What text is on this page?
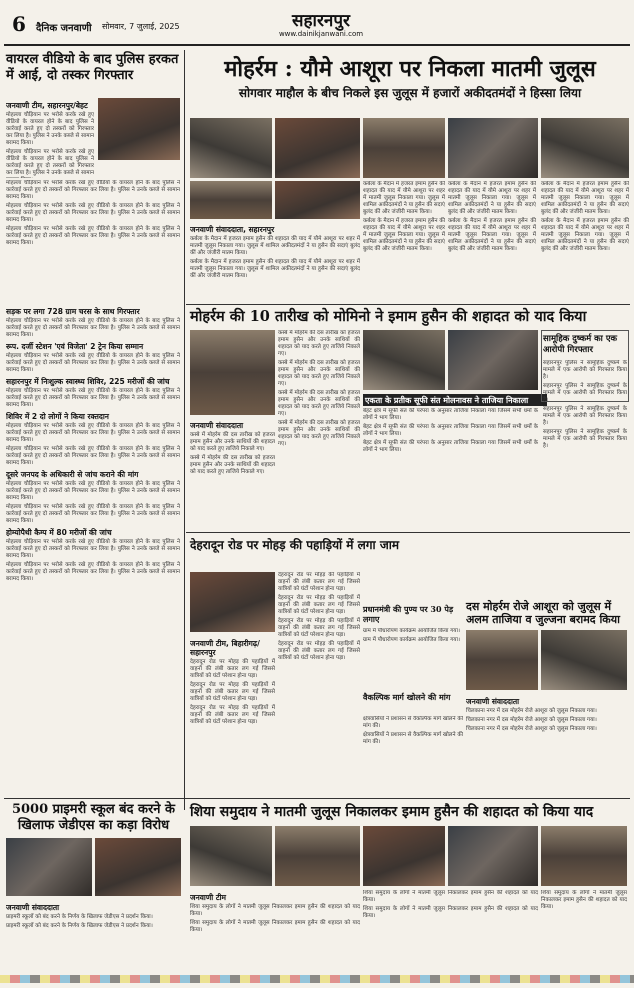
6 दैनिक जनवाणी सोमवार, 7 जुलाई, 2025	सहारनपुर
www.dainikjanwani.com
वायरल वीडियो के बाद पुलिस हरकत में आई, दो तस्कर गिरफ्तार
जनवाणी टीम, सहारनपुर/बेहट

मोहल्ला चौड़ियान पर भरोसे करके रखे हुए वीडियो के वायरल होने के बाद पुलिस ने कार्रवाई करते हुए दो तस्करों को गिरफ्तार कर लिया है। पुलिस ने उनके कब्जे से सामान बरामद किया।

मोहल्ला चौड़ियान पर भरोसे करके रखे हुए वीडियो के वायरल होने के बाद पुलिस ने कार्रवाई करते हुए दो तस्करों को गिरफ्तार कर लिया है। पुलिस ने उनके कब्जे से सामान

मोहल्ला चौड़ियान पर भरोसे करके रखे हुए वीडियो के वायरल होने के बाद पुलिस ने कार्रवाई करते हुए दो तस्करों को गिरफ्तार कर लिया है। पुलिस ने उनके कब्जे से सामान बरामद किया।

मोहल्ला चौड़ियान पर भरोसे करके रखे हुए वीडियो के वायरल होने के बाद पुलिस ने कार्रवाई करते हुए दो तस्करों को गिरफ्तार कर लिया है। पुलिस ने उनके कब्जे से सामान बरामद किया।

मोहल्ला चौड़ियान पर भरोसे करके रखे हुए वीडियो के वायरल होने के बाद पुलिस ने कार्रवाई करते हुए दो तस्करों को गिरफ्तार कर लिया है। पुलिस ने उनके कब्जे से सामान बरामद किया।

मोहर्रम : यौमे आशूरा पर निकला मातमी जुलूस
सोगवार माहौल के बीच निकले इस जुलूस में हजारों अकीदतमंदों ने हिस्सा लिया
जनवाणी संवाददाता, सहारनपुर

कर्बला के मैदान में हजरत इमाम हुसैन की शहादत की याद में यौमे आशूरा पर शहर में मातमी जुलूस निकाला गया। जुलूस में शामिल अकीदतमंदों ने या हुसैन की सदाएं बुलंद कीं और जंजीरी मातम किया।

कर्बला के मैदान में हजरत इमाम हुसैन की शहादत की याद में यौमे आशूरा पर शहर में मातमी जुलूस निकाला गया। जुलूस में शामिल अकीदतमंदों ने या हुसैन की सदाएं बुलंद कीं और जंजीरी मातम किया।

कर्बला के मैदान में हजरत इमाम हुसैन की शहादत की याद में यौमे आशूरा पर शहर में मातमी जुलूस निकाला गया। जुलूस में शामिल अकीदतमंदों ने या हुसैन की सदाएं बुलंद कीं और जंजीरी मातम किया।

कर्बला के मैदान में हजरत इमाम हुसैन की शहादत की याद में यौमे आशूरा पर शहर में मातमी जुलूस निकाला गया। जुलूस में शामिल अकीदतमंदों ने या हुसैन की सदाएं बुलंद कीं और जंजीरी मातम किया।

कर्बला के मैदान में हजरत इमाम हुसैन की शहादत की याद में यौमे आशूरा पर शहर में मातमी जुलूस निकाला गया। जुलूस में शामिल अकीदतमंदों ने या हुसैन की सदाएं बुलंद कीं और जंजीरी मातम किया।

कर्बला के मैदान में हजरत इमाम हुसैन की शहादत की याद में यौमे आशूरा पर शहर में मातमी जुलूस निकाला गया। जुलूस में शामिल अकीदतमंदों ने या हुसैन की सदाएं बुलंद कीं और जंजीरी मातम किया।

कर्बला के मैदान में हजरत इमाम हुसैन की शहादत की याद में यौमे आशूरा पर शहर में मातमी जुलूस निकाला गया। जुलूस में शामिल अकीदतमंदों ने या हुसैन की सदाएं बुलंद कीं और जंजीरी मातम किया।

कर्बला के मैदान में हजरत इमाम हुसैन की शहादत की याद में यौमे आशूरा पर शहर में मातमी जुलूस निकाला गया। जुलूस में शामिल अकीदतमंदों ने या हुसैन की सदाएं बुलंद कीं और जंजीरी मातम किया।

सड़क पर लगा 728 ग्राम चरस के साथ गिरफ्तार

मोहल्ला चौड़ियान पर भरोसे करके रखे हुए वीडियो के वायरल होने के बाद पुलिस ने कार्रवाई करते हुए दो तस्करों को गिरफ्तार कर लिया है। पुलिस ने उनके कब्जे से सामान बरामद किया।

रूप. दर्जी स्टेशन 'एवं विजेता' 2 ट्रेन किया सम्मान

मोहल्ला चौड़ियान पर भरोसे करके रखे हुए वीडियो के वायरल होने के बाद पुलिस ने कार्रवाई करते हुए दो तस्करों को गिरफ्तार कर लिया है। पुलिस ने उनके कब्जे से सामान बरामद किया।

सहारनपुर में निःशुल्क स्वास्थ्य शिविर, 225 मरीजों की जांच

मोहल्ला चौड़ियान पर भरोसे करके रखे हुए वीडियो के वायरल होने के बाद पुलिस ने कार्रवाई करते हुए दो तस्करों को गिरफ्तार कर लिया है। पुलिस ने उनके कब्जे से सामान बरामद किया।

शिविर में 2 दो लोगों ने किया रक्तदान

मोहल्ला चौड़ियान पर भरोसे करके रखे हुए वीडियो के वायरल होने के बाद पुलिस ने कार्रवाई करते हुए दो तस्करों को गिरफ्तार कर लिया है। पुलिस ने उनके कब्जे से सामान बरामद किया।

मोहल्ला चौड़ियान पर भरोसे करके रखे हुए वीडियो के वायरल होने के बाद पुलिस ने कार्रवाई करते हुए दो तस्करों को गिरफ्तार कर लिया है। पुलिस ने उनके कब्जे से सामान बरामद किया।

दूसरे जनपद के अधिकारी से जांच कराने की मांग

मोहल्ला चौड़ियान पर भरोसे करके रखे हुए वीडियो के वायरल होने के बाद पुलिस ने कार्रवाई करते हुए दो तस्करों को गिरफ्तार कर लिया है। पुलिस ने उनके कब्जे से सामान बरामद किया।

मोहल्ला चौड़ियान पर भरोसे करके रखे हुए वीडियो के वायरल होने के बाद पुलिस ने कार्रवाई करते हुए दो तस्करों को गिरफ्तार कर लिया है। पुलिस ने उनके कब्जे से सामान बरामद किया।

होम्योपैथी कैम्प में 80 मरीजों की जांच

मोहल्ला चौड़ियान पर भरोसे करके रखे हुए वीडियो के वायरल होने के बाद पुलिस ने कार्रवाई करते हुए दो तस्करों को गिरफ्तार कर लिया है। पुलिस ने उनके कब्जे से सामान बरामद किया।

मोहल्ला चौड़ियान पर भरोसे करके रखे हुए वीडियो के वायरल होने के बाद पुलिस ने कार्रवाई करते हुए दो तस्करों को गिरफ्तार कर लिया है। पुलिस ने उनके कब्जे से सामान बरामद किया।

मोहर्रम की 10 तारीख को मोमिनो ने इमाम हुसैन की शहादत को याद किया
जनवाणी संवाददाता

कस्बे में मोहर्रम की दस तारीख को हजरत इमाम हुसैन और उनके साथियों की शहादत को याद करते हुए ताजिये निकाले गए।

कस्बे में मोहर्रम की दस तारीख को हजरत इमाम हुसैन और उनके साथियों की शहादत को याद करते हुए ताजिये निकाले गए।

कस्बे में मोहर्रम की दस तारीख को हजरत इमाम हुसैन और उनके साथियों की शहादत को याद करते हुए ताजिये निकाले गए।

कस्बे में मोहर्रम की दस तारीख को हजरत इमाम हुसैन और उनके साथियों की शहादत को याद करते हुए ताजिये निकाले गए।

कस्बे में मोहर्रम की दस तारीख को हजरत इमाम हुसैन और उनके साथियों की शहादत को याद करते हुए ताजिये निकाले गए।

कस्बे में मोहर्रम की दस तारीख को हजरत इमाम हुसैन और उनके साथियों की शहादत को याद करते हुए ताजिये निकाले गए।

एकता के प्रतीक सूफी संत मोलनावस ने ताजिया निकाला

बेहट क्षेत्र में सूफी संत की परंपरा के अनुसार ताजिया निकाला गया जिसमें सभी धर्मों के लोगों ने भाग लिया।

बेहट क्षेत्र में सूफी संत की परंपरा के अनुसार ताजिया निकाला गया जिसमें सभी धर्मों के लोगों ने भाग लिया।

बेहट क्षेत्र में सूफी संत की परंपरा के अनुसार ताजिया निकाला गया जिसमें सभी धर्मों के लोगों ने भाग लिया।

सामूहिक दुष्कर्म का एक आरोपी गिरफ्तार

सहारनपुर पुलिस ने सामूहिक दुष्कर्म के मामले में एक आरोपी को गिरफ्तार किया है।

सहारनपुर पुलिस ने सामूहिक दुष्कर्म के मामले में एक आरोपी को गिरफ्तार किया है।

सहारनपुर पुलिस ने सामूहिक दुष्कर्म के मामले में एक आरोपी को गिरफ्तार किया है।

सहारनपुर पुलिस ने सामूहिक दुष्कर्म के मामले में एक आरोपी को गिरफ्तार किया है।

देहरादून रोड पर मोहड़ की पहाड़ियों में लगा जाम
जनवाणी टीम, बिहारीगढ़/सहारनपुर

देहरादून रोड पर मोहड़ की पहाड़ियों में वाहनों की लंबी कतार लग गई जिससे यात्रियों को घंटों परेशान होना पड़ा।

देहरादून रोड पर मोहड़ की पहाड़ियों में वाहनों की लंबी कतार लग गई जिससे यात्रियों को घंटों परेशान होना पड़ा।

देहरादून रोड पर मोहड़ की पहाड़ियों में वाहनों की लंबी कतार लग गई जिससे यात्रियों को घंटों परेशान होना पड़ा।

देहरादून रोड पर मोहड़ की पहाड़ियों में वाहनों की लंबी कतार लग गई जिससे यात्रियों को घंटों परेशान होना पड़ा।

देहरादून रोड पर मोहड़ की पहाड़ियों में वाहनों की लंबी कतार लग गई जिससे यात्रियों को घंटों परेशान होना पड़ा।

देहरादून रोड पर मोहड़ की पहाड़ियों में वाहनों की लंबी कतार लग गई जिससे यात्रियों को घंटों परेशान होना पड़ा।

देहरादून रोड पर मोहड़ की पहाड़ियों में वाहनों की लंबी कतार लग गई जिससे यात्रियों को घंटों परेशान होना पड़ा।

प्रधानमंत्री की पुण्य पर 30 पेड़ लगाए

ग्राम में पौधारोपण कार्यक्रम आयोजित किया गया।

ग्राम में पौधारोपण कार्यक्रम आयोजित किया गया।

वैकल्पिक मार्ग खोलने की मांग

क्षेत्रवासियों ने प्रशासन से वैकल्पिक मार्ग खोलने की मांग की।

क्षेत्रवासियों ने प्रशासन से वैकल्पिक मार्ग खोलने की मांग की।

दस मोहर्रम रोजे आशूरा को जुलूस में अलम ताजिया व जुल्जना बरामद किया
जनवाणी संवाददाता

चिलकाना नगर में दस मोहर्रम रोजे आशूरा को जुलूस निकाला गया।

चिलकाना नगर में दस मोहर्रम रोजे आशूरा को जुलूस निकाला गया।

चिलकाना नगर में दस मोहर्रम रोजे आशूरा को जुलूस निकाला गया।

5000 प्राइमरी स्कूल बंद करने के खिलाफ जेडीएस का कड़ा विरोध
जनवाणी संवाददाता

प्राइमरी स्कूलों को बंद करने के निर्णय के खिलाफ जेडीएस ने प्रदर्शन किया।

प्राइमरी स्कूलों को बंद करने के निर्णय के खिलाफ जेडीएस ने प्रदर्शन किया।

शिया समुदाय ने मातमी जुलूस निकालकर इमाम हुसैन की शहादत को किया याद
जनवाणी टीम

शिया समुदाय के लोगों ने मातमी जुलूस निकालकर इमाम हुसैन की शहादत को याद किया।

शिया समुदाय के लोगों ने मातमी जुलूस निकालकर इमाम हुसैन की शहादत को याद किया।

शिया समुदाय के लोगों ने मातमी जुलूस निकालकर इमाम हुसैन की शहादत को याद किया।

शिया समुदाय के लोगों ने मातमी जुलूस निकालकर इमाम हुसैन की शहादत को याद किया।

शिया समुदाय के लोगों ने मातमी जुलूस निकालकर इमाम हुसैन की शहादत को याद किया।
